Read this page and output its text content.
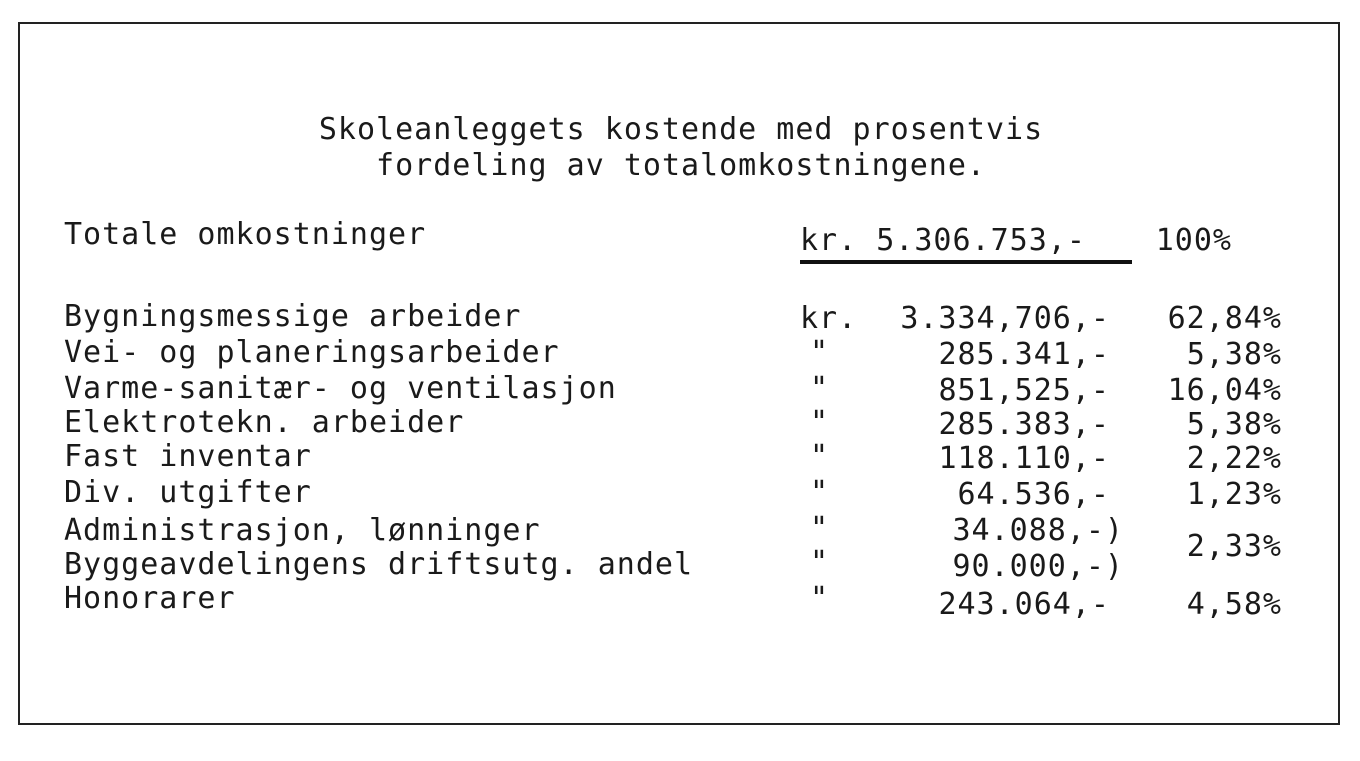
Skoleanleggets kostende med prosentvis
fordeling av totalomkostningene.
Totale omkostninger	kr. 5.306.753,- 100%
Bygningsmessige arbeider	kr. 3.334,706,- 62,84%
Vei- og planeringsarbeider	"	285.341,-	5,38%
Varme-sanitær- og ventilasjon	"	851,525,- 16,04%
Elektrotekn. arbeider	"	285.383,-	5,38%
Fast inventar	"	118.110,-	2,22%
Div. utgifter	"	64.536,-	1,23%
Administrasjon, lønninger	"	34.088,-)
Byggeavdelingens driftsutg. andel	"	90.000,-)
2,33%
Honorarer	"	243.064,-	4,58%
